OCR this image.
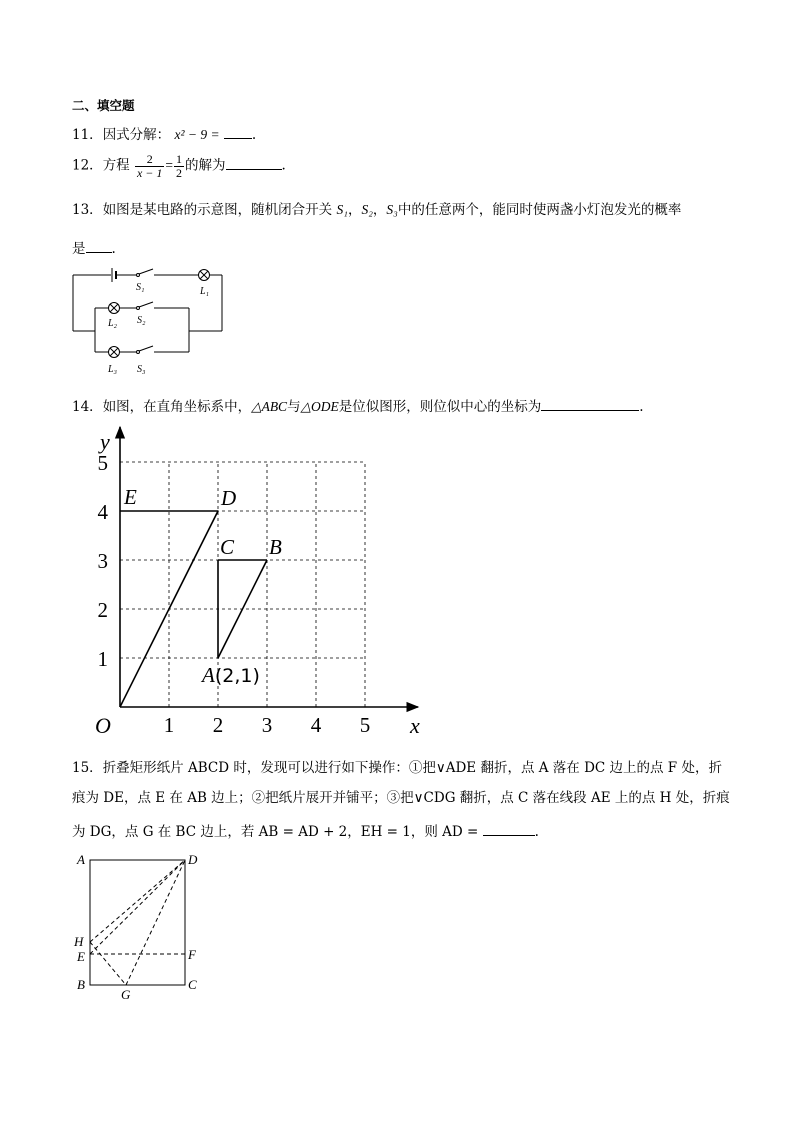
二、填空题
11．因式分解： x² − 9 = .
12．方程 $\frac{2}{x - 1} = \frac{1}{2}$ 的解为	.
13．如图是某电路的示意图，随机闭合开关 S₁，S₂，S₃中的任意两个，能同时使两盏小灯泡发光的概率
是 .
S₁	L₁
L₂ S₂
L₃ S₃
14．如图，在直角坐标系中，△ABC与△ODE是位似图形，则位似中心的坐标为	.
1 2 3 4 5
1
2
3
4
5
x
y
O
D
E
A(2,1)
B
C
15．折叠矩形纸片 ABCD 时，发现可以进行如下操作：①把∨ADE 翻折，点 A 落在 DC 边上的点 F 处，折
痕为 DE，点 E 在 AB 边上；②把纸片展开并铺平；③把∨CDG 翻折，点 C 落在线段 AE 上的点 H 处，折痕
为 DG，点 G 在 BC 边上，若 AB = AD + 2，EH = 1，则 AD =	.
A	D
H
E	F
B
G
C
